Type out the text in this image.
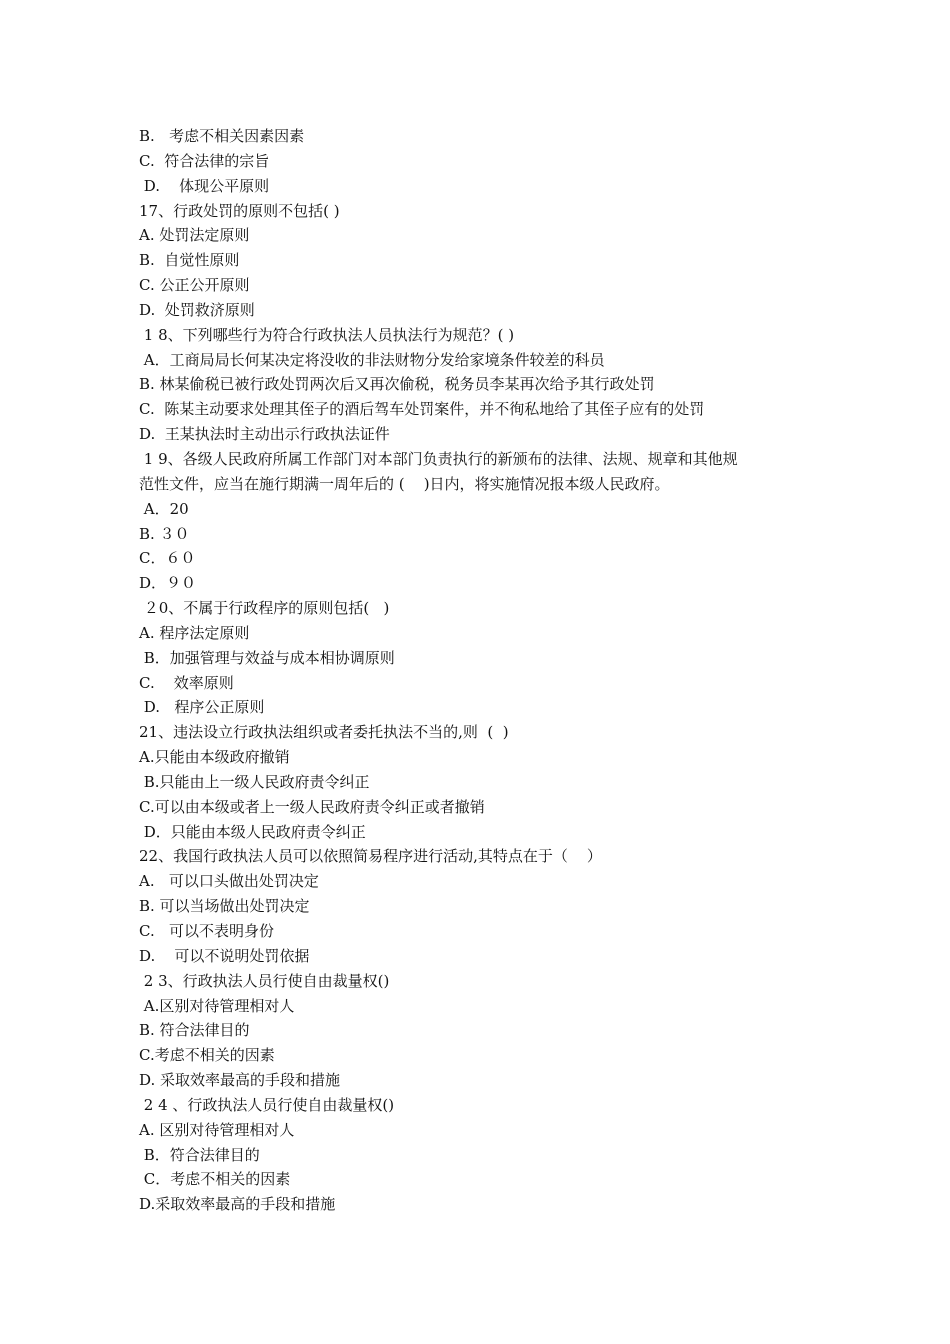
B.   考虑不相关因素因素
C.  符合法律的宗旨
D.    体现公平原则
17、行政处罚的原则不包括( )
A. 处罚法定原则
B.  自觉性原则
C. 公正公开原则
D.  处罚救济原则
1 8、下列哪些行为符合行政执法人员执法行为规范？( )
A．工商局局长何某决定将没收的非法财物分发给家境条件较差的科员
B. 林某偷税已被行政处罚两次后又再次偷税，税务员李某再次给予其行政处罚
C.  陈某主动要求处理其侄子的酒后驾车处罚案件，并不徇私地给了其侄子应有的处罚
D.  王某执法时主动出示行政执法证件
1 9、各级人民政府所属工作部门对本部门负责执行的新颁布的法律、法规、规章和其他规
范性文件，应当在施行期满一周年后的 (    )日内，将实施情况报本级人民政府。
A．20
B. ３０
C．６０
D．９０
２0、不属于行政程序的原则包括(   )
A. 程序法定原则
B．加强管理与效益与成本相协调原则
C.    效率原则
D.   程序公正原则
21、违法设立行政执法组织或者委托执法不当的,则  (  )
A.只能由本级政府撤销
B.只能由上一级人民政府责令纠正
C.可以由本级或者上一级人民政府责令纠正或者撤销
D．只能由本级人民政府责令纠正
22、我国行政执法人员可以依照简易程序进行活动,其特点在于（    ）
A.   可以口头做出处罚决定
B. 可以当场做出处罚决定
C.   可以不表明身份
D.    可以不说明处罚依据
2 3、行政执法人员行使自由裁量权()
A.区别对待管理相对人
B. 符合法律目的
C.考虑不相关的因素
D. 采取效率最高的手段和措施
2 4 、行政执法人员行使自由裁量权()
A. 区别对待管理相对人
B．符合法律目的
C．考虑不相关的因素
D.采取效率最高的手段和措施
